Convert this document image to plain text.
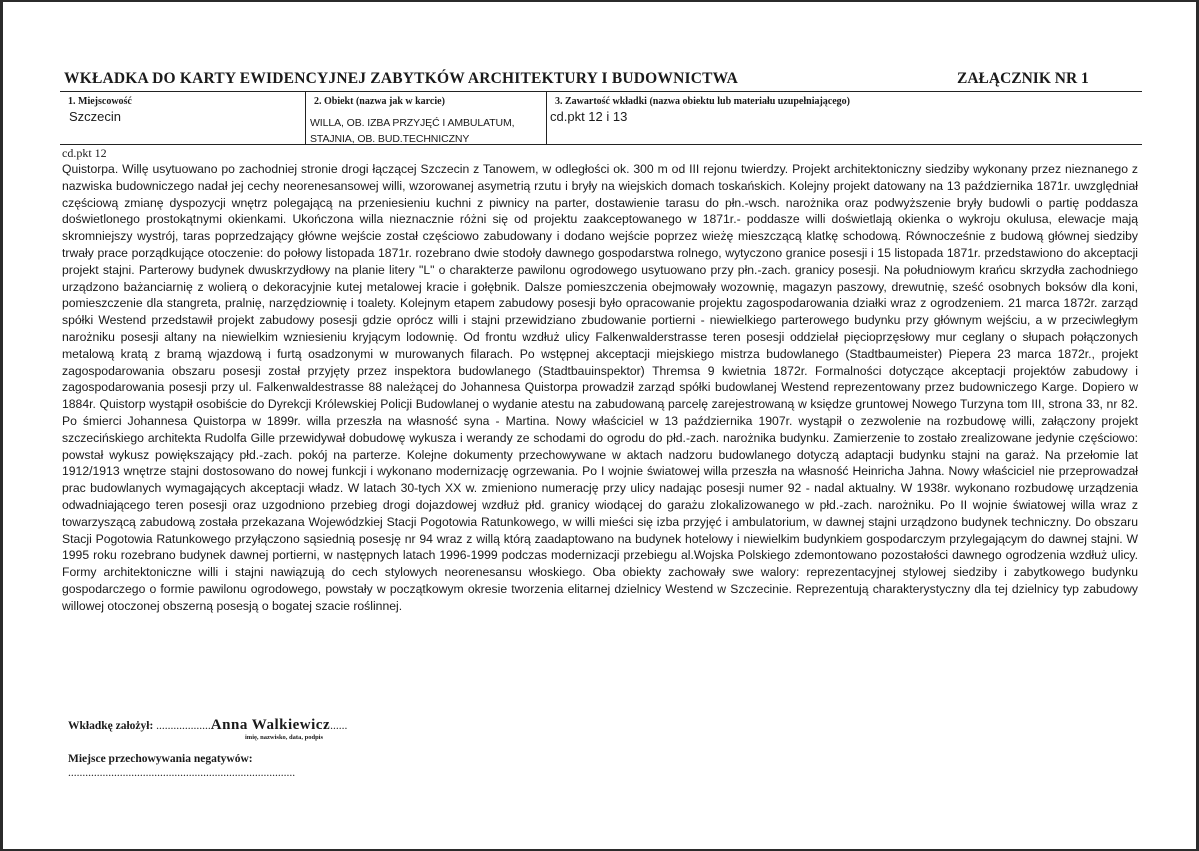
WKŁADKA DO KARTY EWIDENCYJNEJ ZABYTKÓW ARCHITEKTURY I BUDOWNICTWA	ZAŁĄCZNIK NR 1
1. Miejscowość
Szczecin
2. Obiekt (nazwa jak w karcie)
WILLA, OB. IZBA PRZYJĘĆ I AMBULATUM,
STAJNIA, OB. BUD.TECHNICZNY
3. Zawartość wkładki (nazwa obiektu lub materiału uzupełniającego)
cd.pkt 12 i 13
cd.pkt 12

Quistorpa. Willę usytuowano po zachodniej stronie drogi łączącej Szczecin z Tanowem, w odległości ok. 300 m od III rejonu twierdzy. Projekt architektoniczny siedziby wykonany przez nieznanego z nazwiska budowniczego nadał jej cechy neorenesansowej willi, wzorowanej asymetrią rzutu i bryły na wiejskich domach toskańskich. Kolejny projekt datowany na 13 października 1871r. uwzględniał częściową zmianę dyspozycji wnętrz polegającą na przeniesieniu kuchni z piwnicy na parter, dostawienie tarasu do płn.-wsch. narożnika oraz podwyższenie bryły budowli o partię poddasza doświetlonego prostokątnymi okienkami. Ukończona willa nieznacznie różni się od projektu zaakceptowanego w 1871r.- poddasze willi doświetlają okienka o wykroju okulusa, elewacje mają skromniejszy wystrój, taras poprzedzający główne wejście został częściowo zabudowany i dodano wejście poprzez wieżę mieszczącą klatkę schodową. Równocześnie z budową głównej siedziby trwały prace porządkujące otoczenie: do połowy listopada 1871r. rozebrano dwie stodoły dawnego gospodarstwa rolnego, wytyczono granice posesji i 15 listopada 1871r. przedstawiono do akceptacji projekt stajni. Parterowy budynek dwuskrzydłowy na planie litery "L" o charakterze pawilonu ogrodowego usytuowano przy płn.-zach. granicy posesji. Na południowym krańcu skrzydła zachodniego urządzono bażanciarnię z wolierą o dekoracyjnie kutej metalowej kracie i gołębnik. Dalsze pomieszczenia obejmowały wozownię, magazyn paszowy, drewutnię, sześć osobnych boksów dla koni, pomieszczenie dla stangreta, pralnię, narzędziownię i toalety. Kolejnym etapem zabudowy posesji było opracowanie projektu zagospodarowania działki wraz z ogrodzeniem. 21 marca 1872r. zarząd spółki Westend przedstawił projekt zabudowy posesji gdzie oprócz willi i stajni przewidziano zbudowanie portierni - niewielkiego parterowego budynku przy głównym wejściu, a w przeciwległym narożniku posesji altany na niewielkim wzniesieniu kryjącym lodownię. Od frontu wzdłuż ulicy Falkenwalderstrasse teren posesji oddzielał pięcioprzęsłowy mur ceglany o słupach połączonych metalową kratą z bramą wjazdową i furtą osadzonymi w murowanych filarach. Po wstępnej akceptacji miejskiego mistrza budowlanego (Stadtbaumeister) Piepera 23 marca 1872r., projekt zagospodarowania obszaru posesji został przyjęty przez inspektora budowlanego (Stadtbauinspektor) Thremsa 9 kwietnia 1872r. Formalności dotyczące akceptacji projektów zabudowy i zagospodarowania posesji przy ul. Falkenwaldestrasse 88 należącej do Johannesa Quistorpa prowadził zarząd spółki budowlanej Westend reprezentowany przez budowniczego Karge. Dopiero w 1884r. Quistorp wystąpił osobiście do Dyrekcji Królewskiej Policji Budowlanej o wydanie atestu na zabudowaną parcelę zarejestrowaną w księdze gruntowej Nowego Turzyna tom III, strona 33, nr 82. Po śmierci Johannesa Quistorpa w 1899r. willa przeszła na własność syna - Martina. Nowy właściciel w 13 października 1907r. wystąpił o zezwolenie na rozbudowę willi, załączony projekt szczecińskiego architekta Rudolfa Gille przewidywał dobudowę wykusza i werandy ze schodami do ogrodu do płd.-zach. narożnika budynku. Zamierzenie to zostało zrealizowane jedynie częściowo: powstał wykusz powiększający płd.-zach. pokój na parterze. Kolejne dokumenty przechowywane w aktach nadzoru budowlanego dotyczą adaptacji budynku stajni na garaż. Na przełomie lat 1912/1913 wnętrze stajni dostosowano do nowej funkcji i wykonano modernizację ogrzewania. Po I wojnie światowej willa przeszła na własność Heinricha Jahna. Nowy właściciel nie przeprowadzał prac budowlanych wymagających akceptacji władz. W latach 30-tych XX w. zmieniono numerację przy ulicy nadając posesji numer 92 - nadal aktualny. W 1938r. wykonano rozbudowę urządzenia odwadniającego teren posesji oraz uzgodniono przebieg drogi dojazdowej wzdłuż płd. granicy wiodącej do garażu zlokalizowanego w płd.-zach. narożniku. Po II wojnie światowej willa wraz z towarzyszącą zabudową została przekazana Wojewódzkiej Stacji Pogotowia Ratunkowego, w willi mieści się izba przyjęć i ambulatorium, w dawnej stajni urządzono budynek techniczny. Do obszaru Stacji Pogotowia Ratunkowego przyłączono sąsiednią posesję nr 94 wraz z willą którą zaadaptowano na budynek hotelowy i niewielkim budynkiem gospodarczym przylegającym do dawnej stajni. W 1995 roku rozebrano budynek dawnej portierni, w następnych latach 1996-1999 podczas modernizacji przebiegu al.Wojska Polskiego zdemontowano pozostałości dawnego ogrodzenia wzdłuż ulicy. Formy architektoniczne willi i stajni nawiązują do cech stylowych neorenesansu włoskiego. Oba obiekty zachowały swe walory: reprezentacyjnej stylowej siedziby i zabytkowego budynku gospodarczego o formie pawilonu ogrodowego, powstały w początkowym okresie tworzenia elitarnej dzielnicy Westend w Szczecinie. Reprezentują charakterystyczny dla tej dzielnicy typ zabudowy willowej otoczonej obszerną posesją o bogatej szacie roślinnej.

Wkładkę założył: ...................Anna Walkiewicz......
imię, nazwisko, data, podpis
Miejsce przechowywania negatywów:
...............................................................................
